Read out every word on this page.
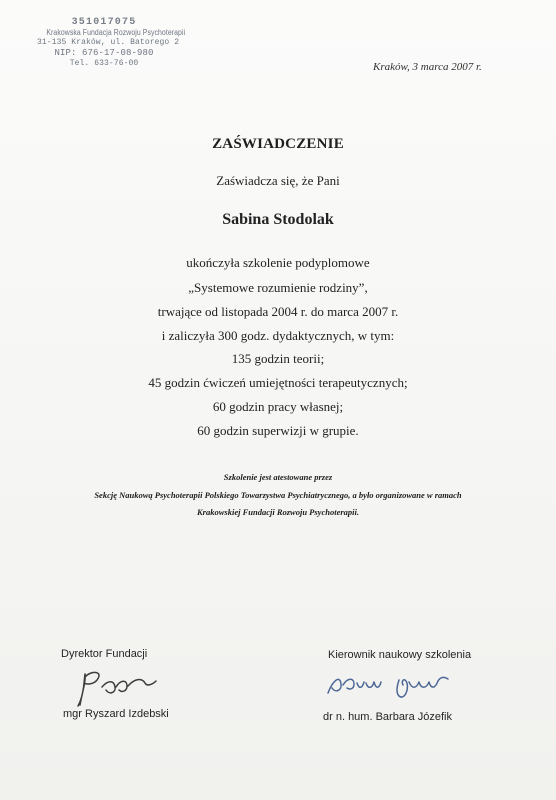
351017075
Krakowska Fundacja Rozwoju Psychoterapii
31-135 Kraków, ul. Batorego 2
NIP: 676-17-08-980
Tel. 633-76-00	Kraków, 3 marca 2007 r.
ZAŚWIADCZENIE
Zaświadcza się, że Pani
Sabina Stodolak
ukończyła szkolenie podyplomowe
„Systemowe rozumienie rodziny”,
trwające od listopada 2004 r. do marca 2007 r.
i zaliczyła 300 godz. dydaktycznych, w tym:
135 godzin teorii;
45 godzin ćwiczeń umiejętności terapeutycznych;
60 godzin pracy własnej;
60 godzin superwizji w grupie.
Szkolenie jest atestowane przez
Sekcję Naukową Psychoterapii Polskiego Towarzystwa Psychiatrycznego, a było organizowane w ramach
Krakowskiej Fundacji Rozwoju Psychoterapii.
Dyrektor Fundacji	Kierownik naukowy szkolenia
mgr Ryszard Izdebski	dr n. hum. Barbara Józefik
